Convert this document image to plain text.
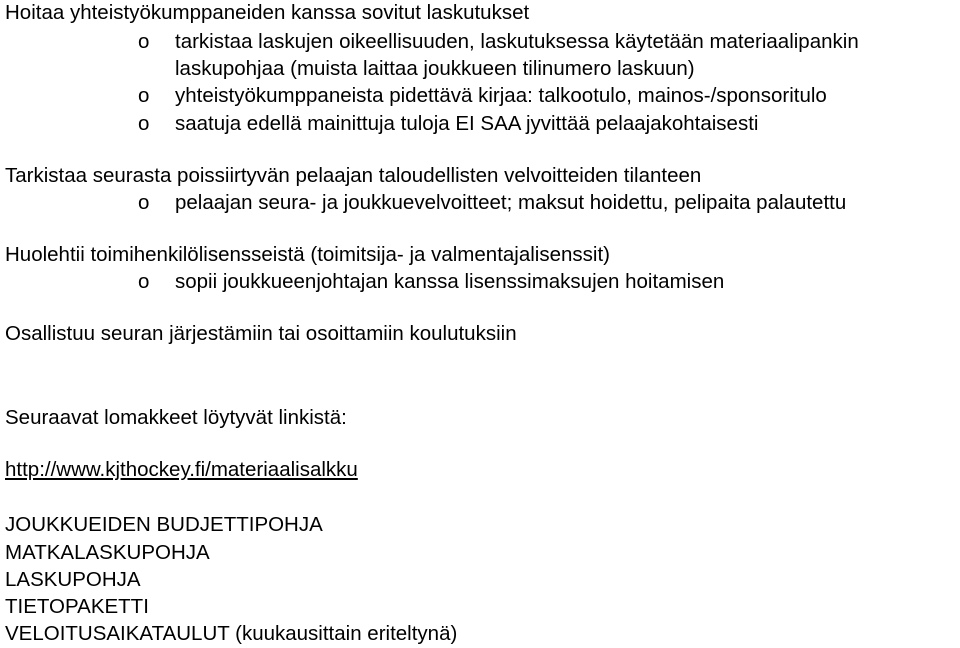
Hoitaa yhteistyökumppaneiden kanssa sovitut laskutukset
o tarkistaa laskujen oikeellisuuden, laskutuksessa käytetään materiaalipankin
laskupohjaa (muista laittaa joukkueen tilinumero laskuun)
o yhteistyökumppaneista pidettävä kirjaa: talkootulo, mainos-/sponsoritulo
o saatuja edellä mainittuja tuloja EI SAA jyvittää pelaajakohtaisesti
Tarkistaa seurasta poissiirtyvän pelaajan taloudellisten velvoitteiden tilanteen
o pelaajan seura- ja joukkuevelvoitteet; maksut hoidettu, pelipaita palautettu
Huolehtii toimihenkilölisensseistä (toimitsija- ja valmentajalisenssit)
o sopii joukkueenjohtajan kanssa lisenssimaksujen hoitamisen
Osallistuu seuran järjestämiin tai osoittamiin koulutuksiin
Seuraavat lomakkeet löytyvät linkistä:
http://www.kjthockey.fi/materiaalisalkku
JOUKKUEIDEN BUDJETTIPOHJA
MATKALASKUPOHJA
LASKUPOHJA
TIETOPAKETTI
VELOITUSAIKATAULUT (kuukausittain eriteltynä)
